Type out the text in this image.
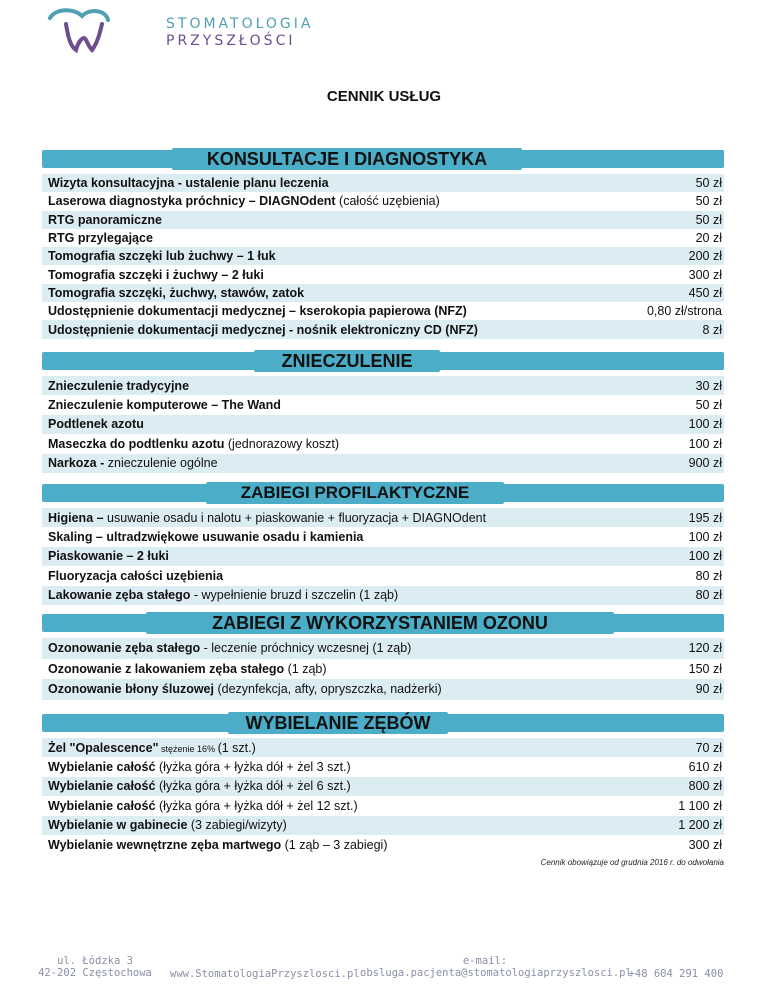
STOMATOLOGIA
PRZYSZŁOŚCI
CENNIK USŁUG
KONSULTACJE I DIAGNOSTYKA
Wizyta konsultacyjna - ustalenie planu leczenia	50 zł
Laserowa diagnostyka próchnicy – DIAGNOdent (całość uzębienia)	50 zł
RTG panoramiczne	50 zł
RTG przylegające	20 zł
Tomografia szczęki lub żuchwy – 1 łuk	200 zł
Tomografia szczęki i żuchwy – 2 łuki	300 zł
Tomografia szczęki, żuchwy, stawów, zatok	450 zł
Udostępnienie dokumentacji medycznej – kserokopia papierowa (NFZ)	0,80 zł/strona
Udostępnienie dokumentacji medycznej - nośnik elektroniczny CD (NFZ)	8 zł
ZNIECZULENIE
Znieczulenie tradycyjne	30 zł
Znieczulenie komputerowe – The Wand	50 zł
Podtlenek azotu	100 zł
Maseczka do podtlenku azotu (jednorazowy koszt)	100 zł
Narkoza - znieczulenie ogólne	900 zł
ZABIEGI PROFILAKTYCZNE
Higiena – usuwanie osadu i nalotu + piaskowanie + fluoryzacja + DIAGNOdent	195 zł
Skaling – ultradzwiękowe usuwanie osadu i kamienia	100 zł
Piaskowanie – 2 łuki	100 zł
Fluoryzacja całości uzębienia	80 zł
Lakowanie zęba stałego - wypełnienie bruzd i szczelin (1 ząb)	80 zł
ZABIEGI Z WYKORZYSTANIEM OZONU
Ozonowanie zęba stałego - leczenie próchnicy wczesnej (1 ząb)	120 zł
Ozonowanie z lakowaniem zęba stałego (1 ząb)	150 zł
Ozonowanie błony śluzowej (dezynfekcja, afty, opryszczka, nadżerki)	90 zł
WYBIELANIE ZĘBÓW
Żel "Opalescence" stężenie 16% (1 szt.)	70 zł
Wybielanie całość (łyżka góra + łyżka dół + żel 3 szt.)	610 zł
Wybielanie całość (łyżka góra + łyżka dół + żel 6 szt.)	800 zł
Wybielanie całość (łyżka góra + łyżka dół + żel 12 szt.)	1 100 zł
Wybielanie w gabinecie (3 zabiegi/wizyty)	1 200 zł
Wybielanie wewnętrzne zęba martwego (1 ząb – 3 zabiegi)	300 zł
Cennik obowiązuje od grudnia 2016 r. do odwołania
ul. Łódzka 3
42-202 Częstochowa	www.StomatologiaPrzyszlosci.pl
e-mail:
obsluga.pacjenta@stomatologiaprzyszlosci.pl
+48 604 291 400
